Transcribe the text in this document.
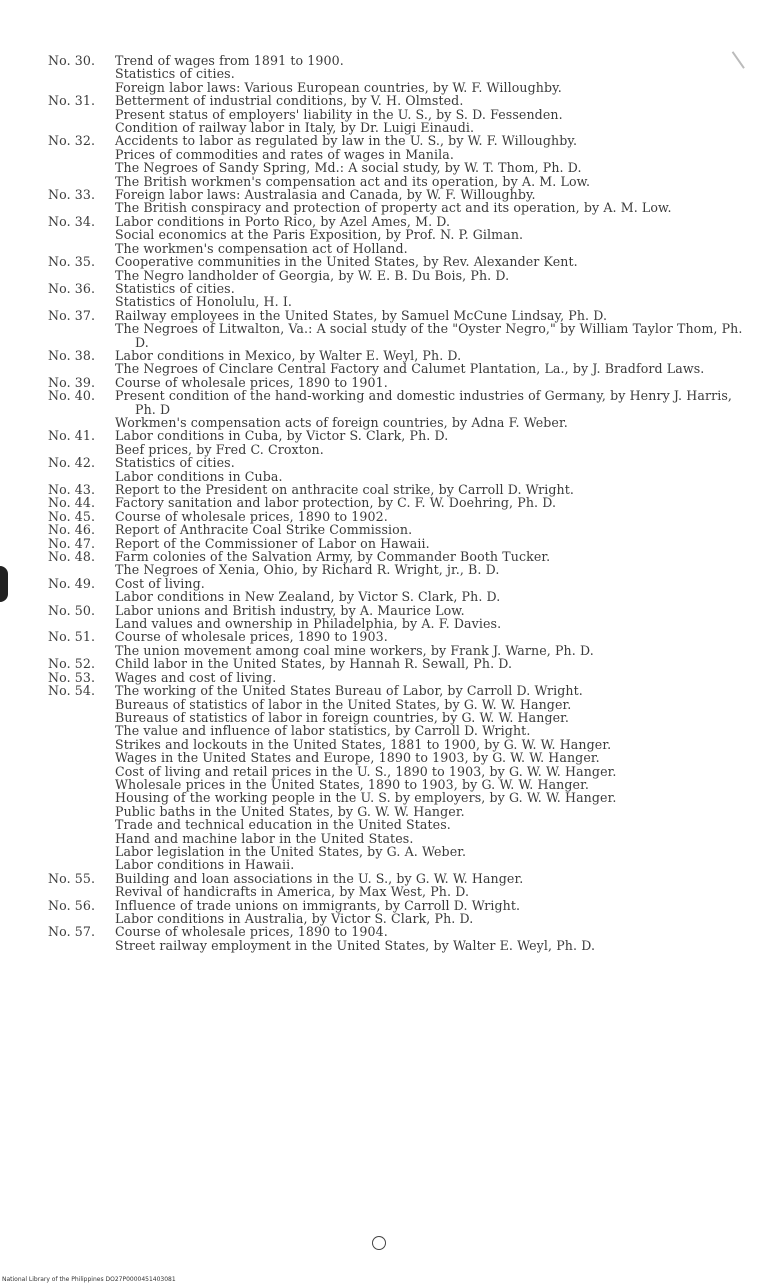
No. 30. Trend of wages from 1891 to 1900.
Statistics of cities.
Foreign labor laws: Various European countries, by W. F. Willoughby.
No. 31. Betterment of industrial conditions, by V. H. Olmsted.
Present status of employers' liability in the U. S., by S. D. Fessenden.
Condition of railway labor in Italy, by Dr. Luigi Einaudi.
No. 32. Accidents to labor as regulated by law in the U. S., by W. F. Willoughby.
Prices of commodities and rates of wages in Manila.
The Negroes of Sandy Spring, Md.: A social study, by W. T. Thom, Ph. D.
The British workmen's compensation act and its operation, by A. M. Low.
No. 33. Foreign labor laws: Australasia and Canada, by W. F. Willoughby.
The British conspiracy and protection of property act and its operation, by A. M. Low.
No. 34. Labor conditions in Porto Rico, by Azel Ames, M. D.
Social economics at the Paris Exposition, by Prof. N. P. Gilman.
The workmen's compensation act of Holland.
No. 35. Cooperative communities in the United States, by Rev. Alexander Kent.
The Negro landholder of Georgia, by W. E. B. Du Bois, Ph. D.
No. 36. Statistics of cities.
Statistics of Honolulu, H. I.
No. 37. Railway employees in the United States, by Samuel McCune Lindsay, Ph. D.
The Negroes of Litwalton, Va.: A social study of the "Oyster Negro," by William Taylor Thom, Ph. D.
No. 38. Labor conditions in Mexico, by Walter E. Weyl, Ph. D.
The Negroes of Cinclare Central Factory and Calumet Plantation, La., by J. Bradford Laws.
No. 39. Course of wholesale prices, 1890 to 1901.
No. 40. Present condition of the hand-working and domestic industries of Germany, by Henry J. Harris, Ph. D
Workmen's compensation acts of foreign countries, by Adna F. Weber.
No. 41. Labor conditions in Cuba, by Victor S. Clark, Ph. D.
Beef prices, by Fred C. Croxton.
No. 42. Statistics of cities.
Labor conditions in Cuba.
No. 43. Report to the President on anthracite coal strike, by Carroll D. Wright.
No. 44. Factory sanitation and labor protection, by C. F. W. Doehring, Ph. D.
No. 45. Course of wholesale prices, 1890 to 1902.
No. 46. Report of Anthracite Coal Strike Commission.
No. 47. Report of the Commissioner of Labor on Hawaii.
No. 48. Farm colonies of the Salvation Army, by Commander Booth Tucker.
The Negroes of Xenia, Ohio, by Richard R. Wright, jr., B. D.
No. 49. Cost of living.
Labor conditions in New Zealand, by Victor S. Clark, Ph. D.
No. 50. Labor unions and British industry, by A. Maurice Low.
Land values and ownership in Philadelphia, by A. F. Davies.
No. 51. Course of wholesale prices, 1890 to 1903.
The union movement among coal mine workers, by Frank J. Warne, Ph. D.
No. 52. Child labor in the United States, by Hannah R. Sewall, Ph. D.
No. 53. Wages and cost of living.
No. 54. The working of the United States Bureau of Labor, by Carroll D. Wright.
Bureaus of statistics of labor in the United States, by G. W. W. Hanger.
Bureaus of statistics of labor in foreign countries, by G. W. W. Hanger.
The value and influence of labor statistics, by Carroll D. Wright.
Strikes and lockouts in the United States, 1881 to 1900, by G. W. W. Hanger.
Wages in the United States and Europe, 1890 to 1903, by G. W. W. Hanger.
Cost of living and retail prices in the U. S., 1890 to 1903, by G. W. W. Hanger.
Wholesale prices in the United States, 1890 to 1903, by G. W. W. Hanger.
Housing of the working people in the U. S. by employers, by G. W. W. Hanger.
Public baths in the United States, by G. W. W. Hanger.
Trade and technical education in the United States.
Hand and machine labor in the United States.
Labor legislation in the United States, by G. A. Weber.
Labor conditions in Hawaii.
No. 55. Building and loan associations in the U. S., by G. W. W. Hanger.
Revival of handicrafts in America, by Max West, Ph. D.
No. 56. Influence of trade unions on immigrants, by Carroll D. Wright.
Labor conditions in Australia, by Victor S. Clark, Ph. D.
No. 57. Course of wholesale prices, 1890 to 1904.
Street railway employment in the United States, by Walter E. Weyl, Ph. D.
National Library of the Philippines DO27P0000451403081
